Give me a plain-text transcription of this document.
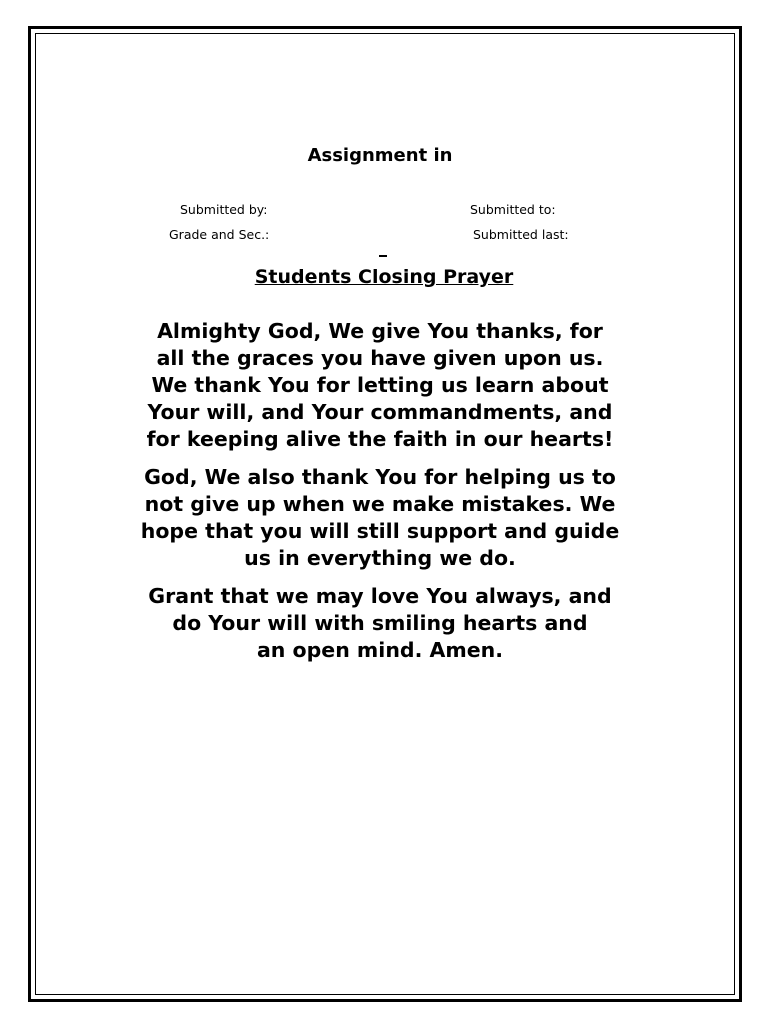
Assignment in
Submitted by:	Submitted to:
Grade and Sec.:	Submitted last:
Students Closing Prayer
Almighty God, We give You thanks, for
all the graces you have given upon us.
We thank You for letting us learn about
Your will, and Your commandments, and
for keeping alive the faith in our hearts!
God, We also thank You for helping us to
not give up when we make mistakes. We
hope that you will still support and guide
us in everything we do.
Grant that we may love You always, and
do Your will with smiling hearts and
an open mind. Amen.
